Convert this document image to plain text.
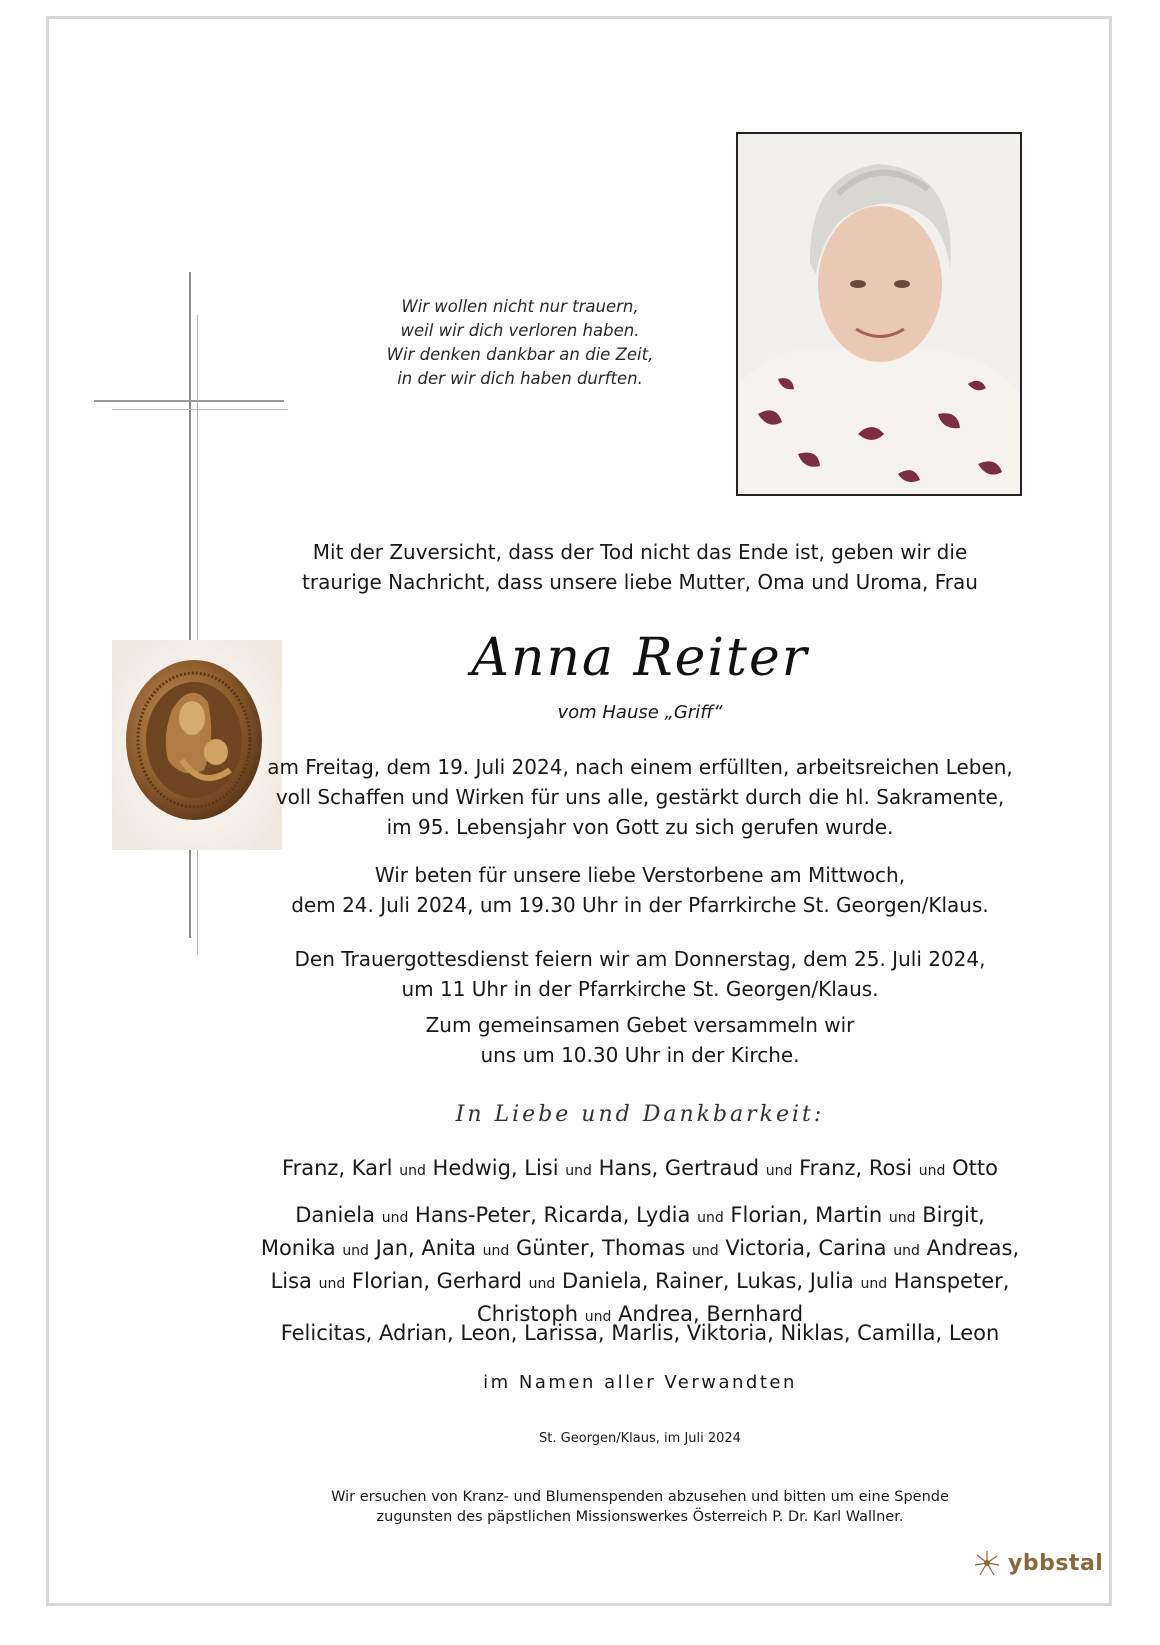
Wir wollen nicht nur trauern,
weil wir dich verloren haben.
Wir denken dankbar an die Zeit,
in der wir dich haben durften.
Mit der Zuversicht, dass der Tod nicht das Ende ist, geben wir die
traurige Nachricht, dass unsere liebe Mutter, Oma und Uroma, Frau
Anna Reiter
vom Hause „Griff“
am Freitag, dem 19. Juli 2024, nach einem erfüllten, arbeitsreichen Leben,
voll Schaffen und Wirken für uns alle, gestärkt durch die hl. Sakramente,
im 95. Lebensjahr von Gott zu sich gerufen wurde.
Wir beten für unsere liebe Verstorbene am Mittwoch,
dem 24. Juli 2024, um 19.30 Uhr in der Pfarrkirche St. Georgen/Klaus.
Den Trauergottesdienst feiern wir am Donnerstag, dem 25. Juli 2024,
um 11 Uhr in der Pfarrkirche St. Georgen/Klaus.
Zum gemeinsamen Gebet versammeln wir
uns um 10.30 Uhr in der Kirche.
In Liebe und Dankbarkeit:
Franz, Karl und Hedwig, Lisi und Hans, Gertraud und Franz, Rosi und Otto
Daniela und Hans-Peter, Ricarda, Lydia und Florian, Martin und Birgit,
Monika und Jan, Anita und Günter, Thomas und Victoria, Carina und Andreas,
Lisa und Florian, Gerhard und Daniela, Rainer, Lukas, Julia und Hanspeter,
Christoph und Andrea, Bernhard
Felicitas, Adrian, Leon, Larissa, Marlis, Viktoria, Niklas, Camilla, Leon
im Namen aller Verwandten
St. Georgen/Klaus, im Juli 2024
Wir ersuchen von Kranz- und Blumenspenden abzusehen und bitten um eine Spende
zugunsten des päpstlichen Missionswerkes Österreich P. Dr. Karl Wallner.
ybbstal
